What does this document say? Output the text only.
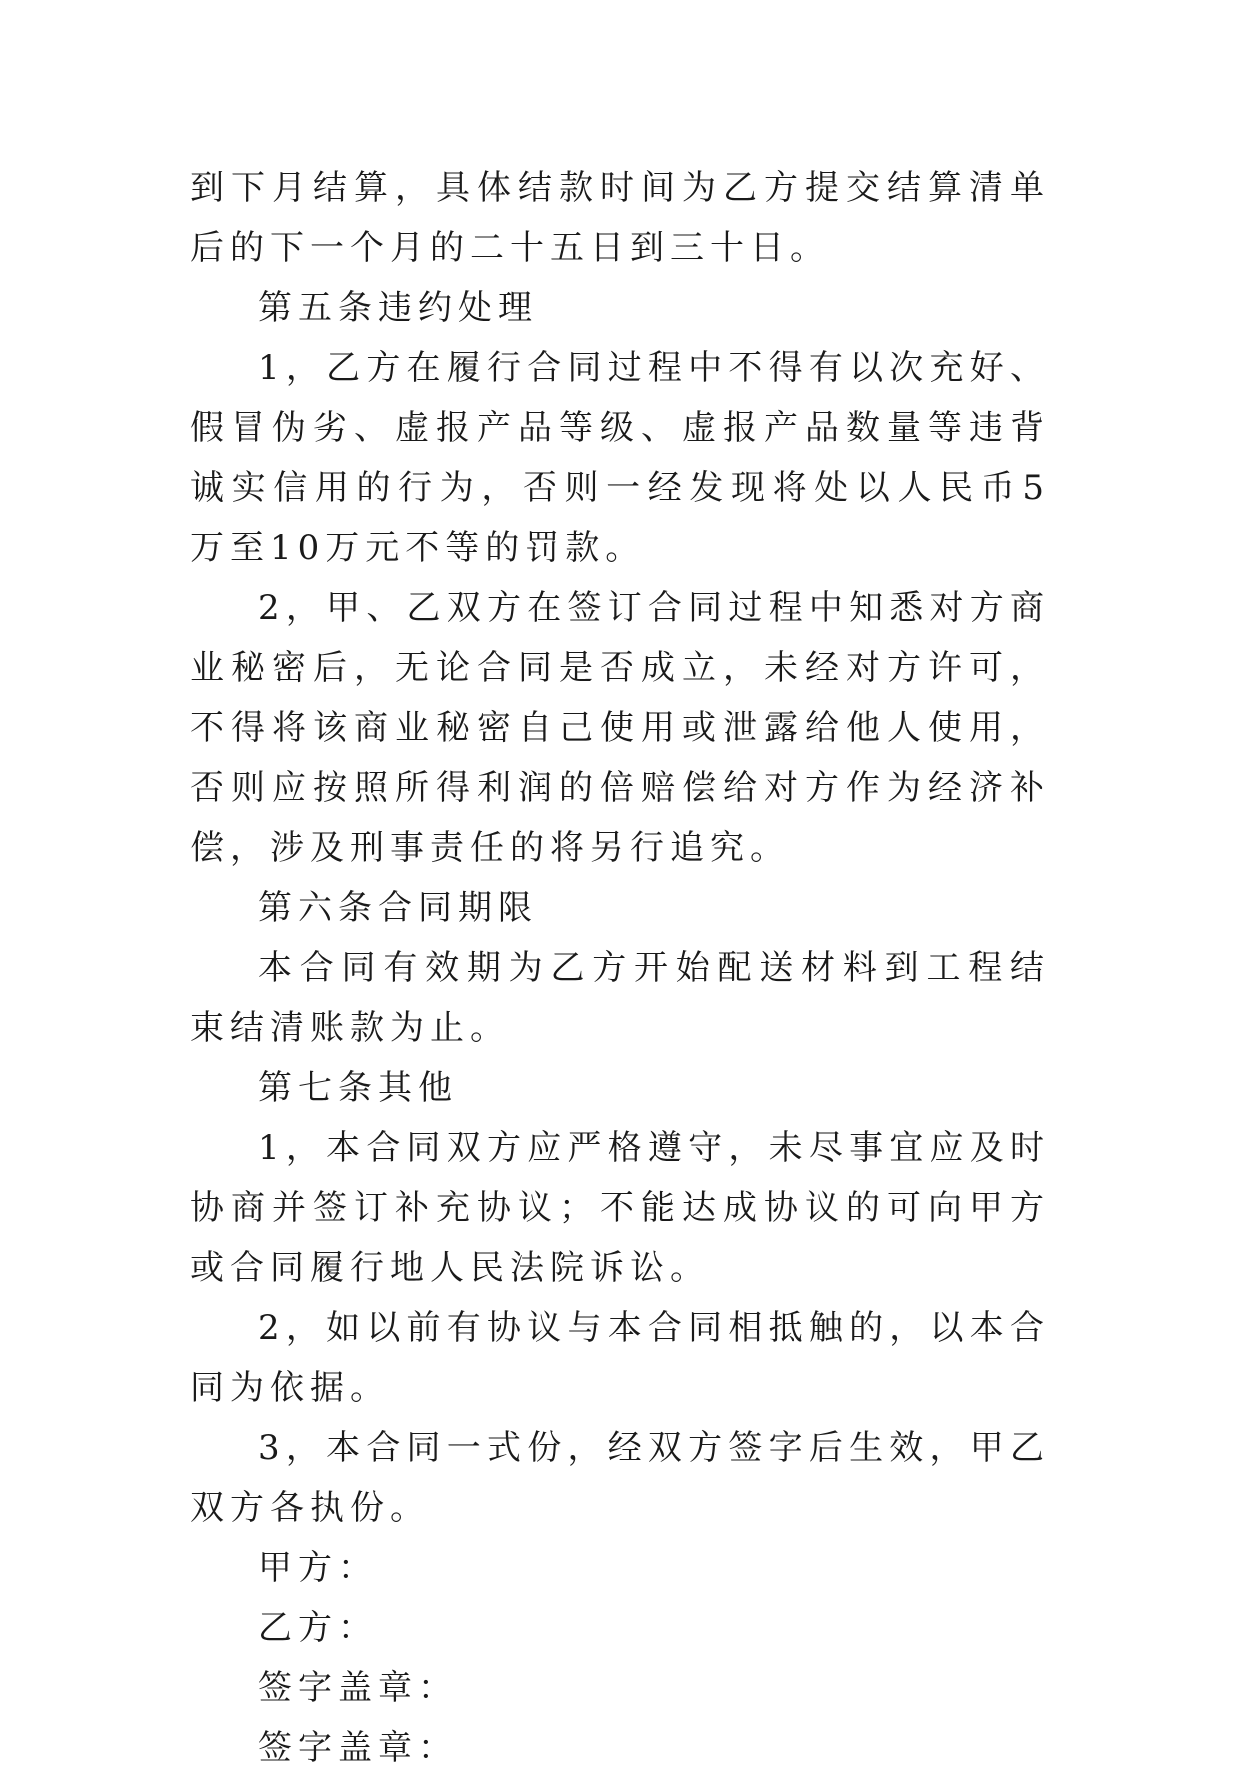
到下月结算，具体结款时间为乙方提交结算清单后的下一个月的二十五日到三十日。

第五条违约处理

1，乙方在履行合同过程中不得有以次充好、假冒伪劣、虚报产品等级、虚报产品数量等违背诚实信用的行为，否则一经发现将处以人民币5万至10万元不等的罚款。

2，甲、乙双方在签订合同过程中知悉对方商业秘密后，无论合同是否成立，未经对方许可，不得将该商业秘密自己使用或泄露给他人使用，否则应按照所得利润的倍赔偿给对方作为经济补偿，涉及刑事责任的将另行追究。

第六条合同期限

本合同有效期为乙方开始配送材料到工程结束结清账款为止。

第七条其他

1，本合同双方应严格遵守，未尽事宜应及时协商并签订补充协议；不能达成协议的可向甲方或合同履行地人民法院诉讼。

2，如以前有协议与本合同相抵触的，以本合同为依据。

3，本合同一式份，经双方签字后生效，甲乙双方各执份。

甲方：

乙方：

签字盖章：

签字盖章：
